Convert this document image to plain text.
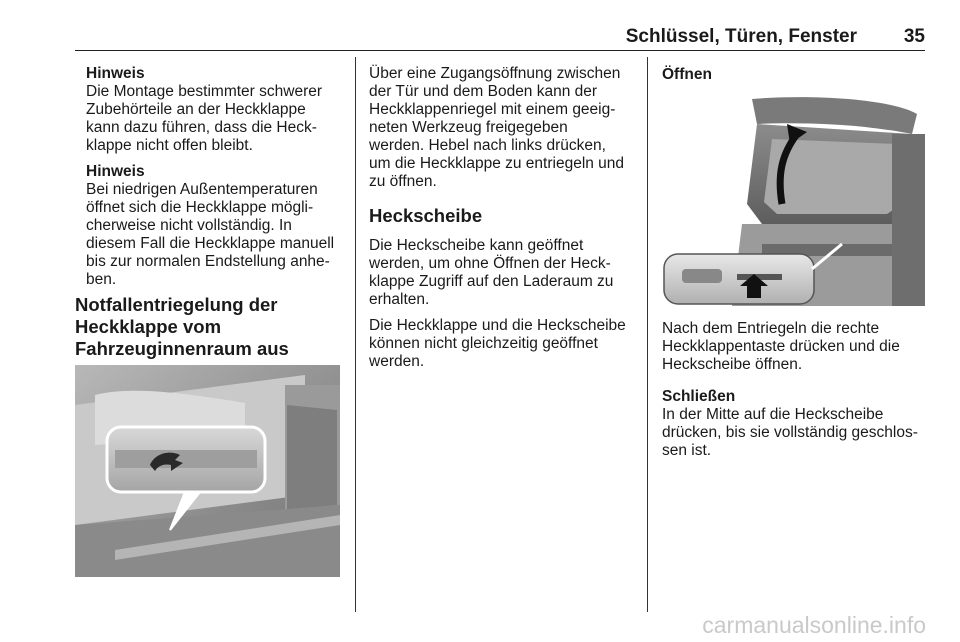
Schlüssel, Türen, Fenster 35

Hinweis
Die Montage bestimmter schwerer
Zubehörteile an der Heckklappe
kann dazu führen, dass die Heck-
klappe nicht offen bleibt.

Hinweis
Bei niedrigen Außentemperaturen
öffnet sich die Heckklappe mögli-
cherweise nicht vollständig. In
diesem Fall die Heckklappe manuell
bis zur normalen Endstellung anhe-
ben.

Notfallentriegelung der
Heckklappe vom
Fahrzeuginnenraum aus

Über eine Zugangsöffnung zwischen
der Tür und dem Boden kann der
Heckklappenriegel mit einem geeig-
neten Werkzeug freigegeben
werden. Hebel nach links drücken,
um die Heckklappe zu entriegeln und
zu öffnen.

Heckscheibe

Die Heckscheibe kann geöffnet
werden, um ohne Öffnen der Heck-
klappe Zugriff auf den Laderaum zu
erhalten.

Die Heckklappe und die Heckscheibe
können nicht gleichzeitig geöffnet
werden.

Öffnen

Nach dem Entriegeln die rechte
Heckklappentaste drücken und die
Heckscheibe öffnen.

Schließen
In der Mitte auf die Heckscheibe
drücken, bis sie vollständig geschlos-
sen ist.

carmanualsonline.info
